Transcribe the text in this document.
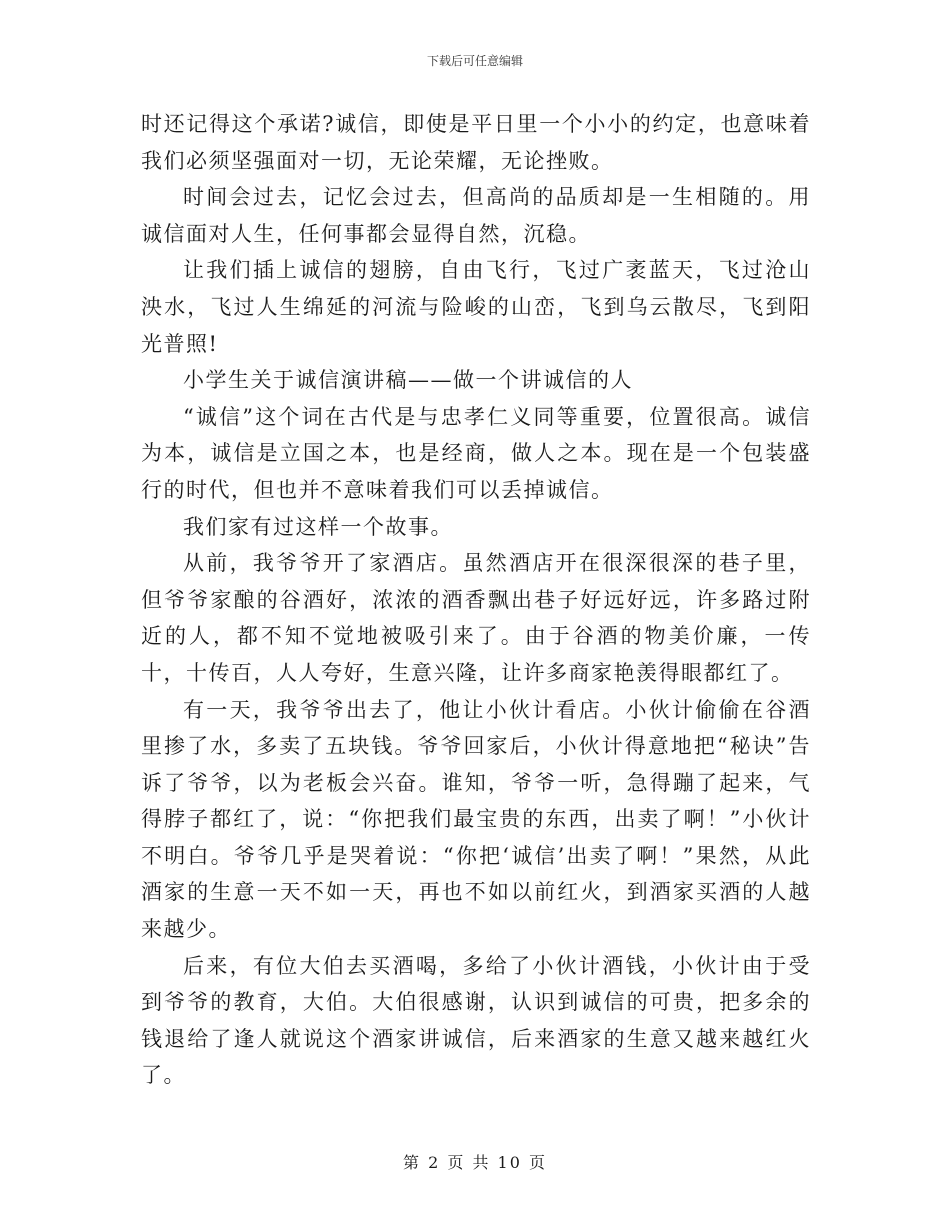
下载后可任意编辑

时还记得这个承诺?诚信，即使是平日里一个小小的约定，也意味着我们必须坚强面对一切，无论荣耀，无论挫败。

时间会过去，记忆会过去，但高尚的品质却是一生相随的。用诚信面对人生，任何事都会显得自然，沉稳。

让我们插上诚信的翅膀，自由飞行，飞过广袤蓝天，飞过沧山泱水，飞过人生绵延的河流与险峻的山峦，飞到乌云散尽，飞到阳光普照!

小学生关于诚信演讲稿——做一个讲诚信的人

“诚信”这个词在古代是与忠孝仁义同等重要，位置很高。诚信为本，诚信是立国之本，也是经商，做人之本。现在是一个包装盛行的时代，但也并不意味着我们可以丢掉诚信。

我们家有过这样一个故事。

从前，我爷爷开了家酒店。虽然酒店开在很深很深的巷子里，但爷爷家酿的谷酒好，浓浓的酒香飘出巷子好远好远，许多路过附近的人，都不知不觉地被吸引来了。由于谷酒的物美价廉，一传十，十传百，人人夸好，生意兴隆，让许多商家艳羡得眼都红了。

有一天，我爷爷出去了，他让小伙计看店。小伙计偷偷在谷酒里掺了水，多卖了五块钱。爷爷回家后，小伙计得意地把“秘诀”告诉了爷爷，以为老板会兴奋。谁知，爷爷一听，急得蹦了起来，气得脖子都红了，说：“你把我们最宝贵的东西，出卖了啊！”小伙计不明白。爷爷几乎是哭着说：“你把‘诚信’出卖了啊！”果然，从此酒家的生意一天不如一天，再也不如以前红火，到酒家买酒的人越来越少。

后来，有位大伯去买酒喝，多给了小伙计酒钱，小伙计由于受到爷爷的教育，大伯。大伯很感谢，认识到诚信的可贵，把多余的钱退给了逢人就说这个酒家讲诚信，后来酒家的生意又越来越红火了。

第 2 页 共 10 页
